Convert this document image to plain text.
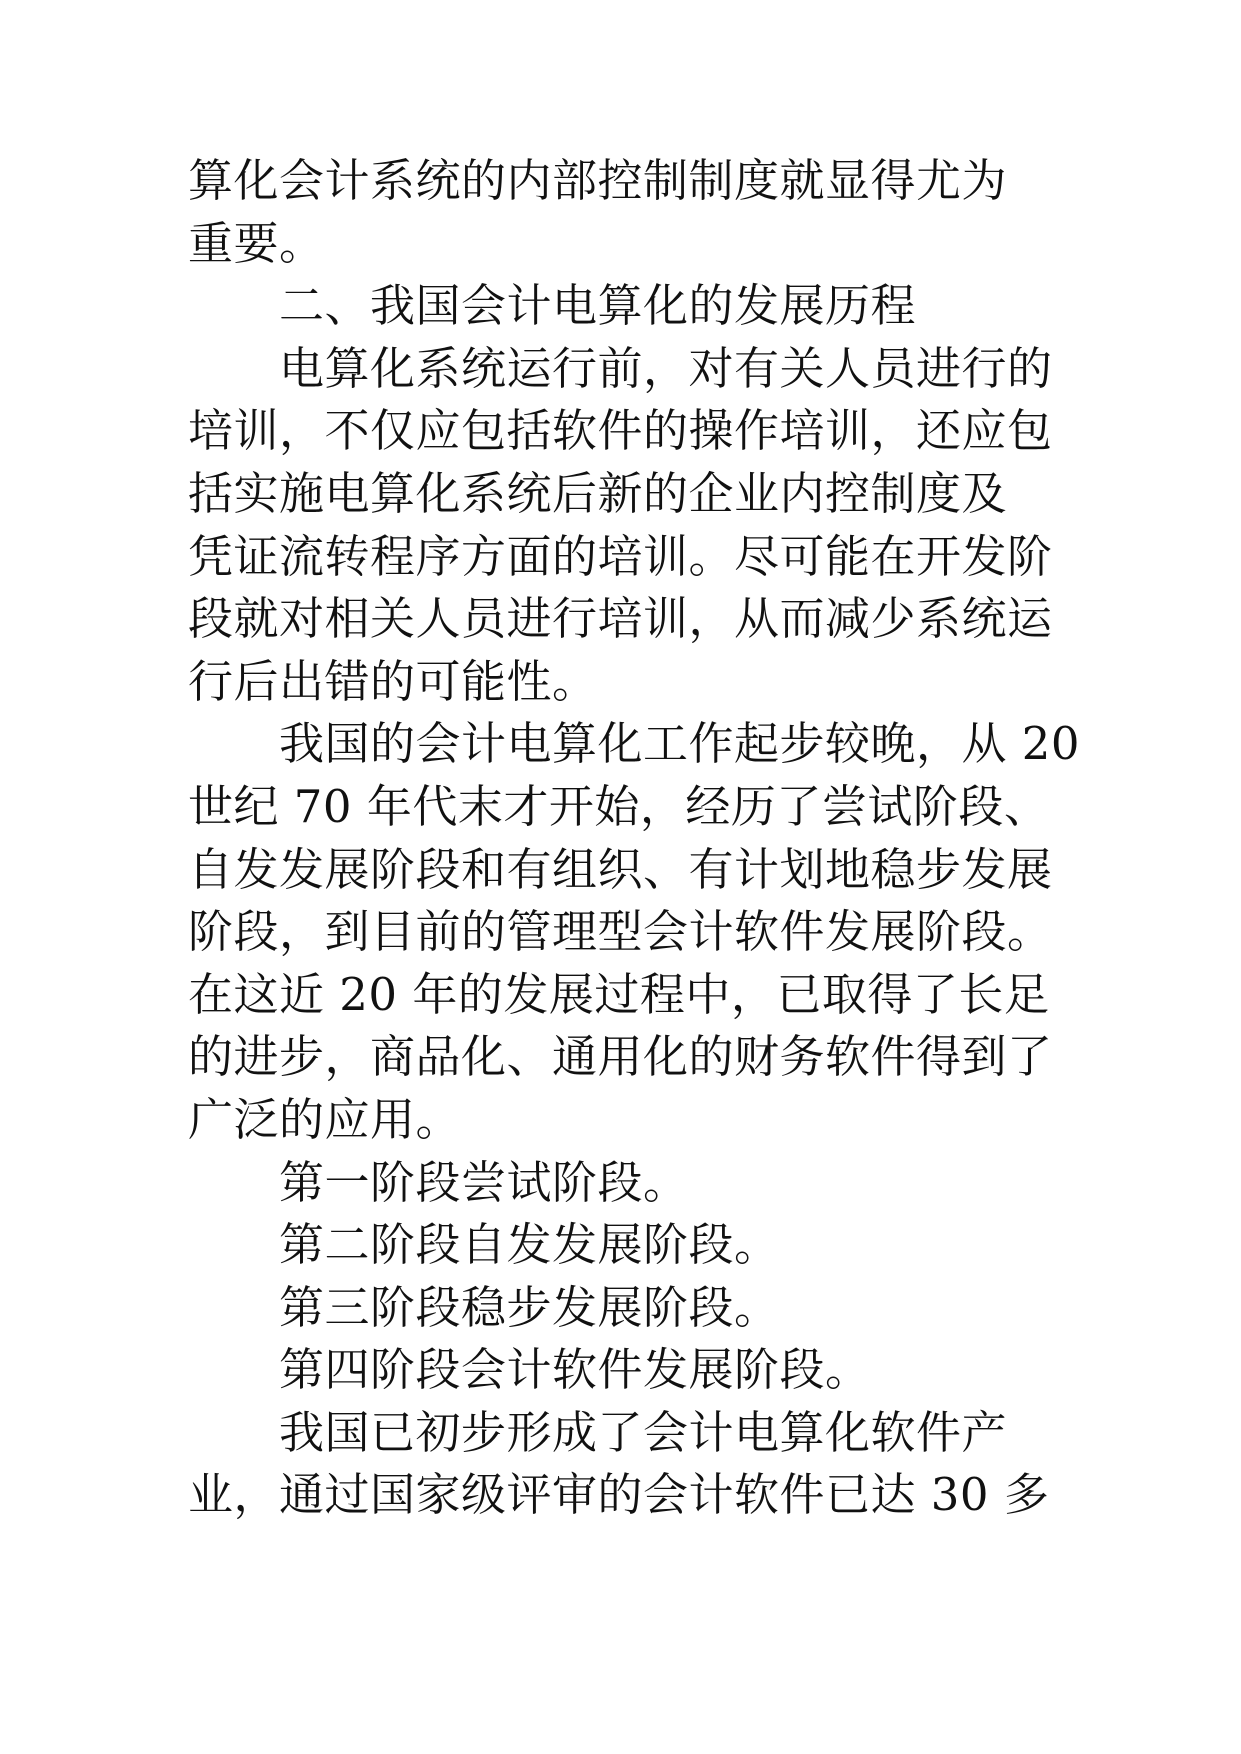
算化会计系统的内部控制制度就显得尤为
重要。
二、我国会计电算化的发展历程
电算化系统运行前，对有关人员进行的
培训，不仅应包括软件的操作培训，还应包
括实施电算化系统后新的企业内控制度及
凭证流转程序方面的培训。尽可能在开发阶
段就对相关人员进行培训，从而减少系统运
行后出错的可能性。
我国的会计电算化工作起步较晚，从 20
世纪 70 年代末才开始，经历了尝试阶段、
自发发展阶段和有组织、有计划地稳步发展
阶段，到目前的管理型会计软件发展阶段。
在这近 20 年的发展过程中，已取得了长足
的进步，商品化、通用化的财务软件得到了
广泛的应用。
第一阶段尝试阶段。
第二阶段自发发展阶段。
第三阶段稳步发展阶段。
第四阶段会计软件发展阶段。
我国已初步形成了会计电算化软件产
业，通过国家级评审的会计软件已达 30 多
